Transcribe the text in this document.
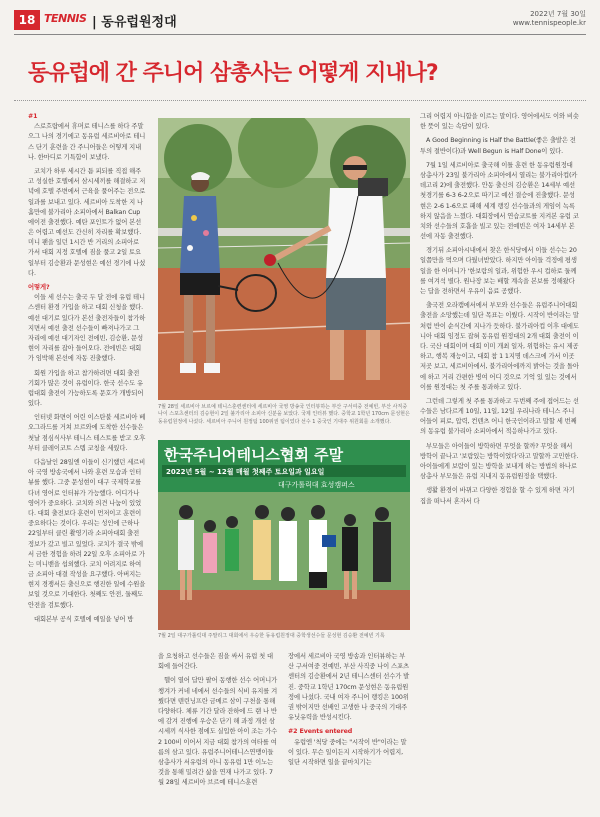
18 TENNIS | 동유럽원정대
2022년 7월 30일
www.tennispeople.kr
동유럽에 간 주니어 삼총사는 어떻게 지내나?
#1

스로흐랍에서 휴머로 테니스를 하다 주말으그 나의 경기에고 동유럽 세르비아로 테니스 단기 훈련을 간 주니어들은 어떻게 지내나. 한마디로 기특함이 보냈다.

코치가 하루 세시간 틈 피되를 직접 해주고 성실한 호텔에서 삼시세끼를 해결하고 저녁에 호텔 주변에서 근육을 풀어주는 전으로 일과를 보내고 있다. 세르비아 도착한 지 나흘만에 불가리아 소피아에서 Balkan Cup 에이전 출전했다. 예탄 포인트가 없어 본선은 어렵고 예선도 간신히 자리를 확보했다. 미니 팬을 일던 1시간 반 거리의 소피아로 가서 대회 지정 호텔에 짐을 풀고 2일 토요일부터 김승환과 문성현은 예선 경기에 나섰다.

어떻게?

이들 세 선수는 출국 두 달 전에 유럽 테니스센터 환경 가입을 하고 대회 신청을 했다. 예선 대기로 있다가 본선 출전자들이 참가하지면서 예선 출전 선수들이 빠져나가고 그 자리에 예선 대기자인 전에빈, 김승환, 문성현이 자리를 잡아 들어오다. 전에빈은 대회가 임박해 본선에 자동 진출했다.

회원 가입을 하고 참가하려면 대회 출전 기회가 많은 것이 유럽이다. 한국 선수도 유럽대회 출전이 가능하도록 문호가 개방되어 있다.

인터넷 화면이 어린 이스탄불 세르비아 베오그라드를 거쳐 브르와에 도착한 선수들은 첫날 점심식사부 테니스 테스트를 받고 오후부터 클레이코트 스텝 코칭을 세웠다.

다음날인 28일엔 이들이 신기했던 세르비아 국영 방송국에서 나와 훈련 모습과 인터뷰를 했다. 그중 문성현이 대구 국제학교를 다녀 영어로 인터뷰가 가능했다. 어디가나 영어가 중요하다. 코치와 의견 나눔이 있었다. 대회 출전보다 훈련이 먼저이고 훈련이 중요하다는 것이다. 우리는 성인에 근하나 22일부터 클린 촬영기라 소피아대회 출전 정보가 갔고 빌고 있었다. 코치가 결국 밖에서 금한 경험을 하려 22일 오후 소피아로 가는 미니밴을 섭외했다. 코치 어려지로 하여금 소피아 대결 작성을 요구했다. 아버지는 현지 경쟁서든 출신으로 행진한 일에 수원을 보일 것으로 기대한다. 첫째도 안전, 둘째도 안전을 검토했다.

대회본부 공식 호텔에 예일을 넣어 방

7월 28일 세르비아 브르예 테니스훈련센터에 세르비아 국영 방송국 인터뷰하는 부산 구서여중 전예빈, 부산 사직중 나이 스포츠센터의 김승현이 2일 불가리아 소피아 신분을 보았다. 국제 인터뷰 했다. 중학교 1학년 170cm 문성현은 동유럽원정에 나섰다. 세르비아 주니어 원정팀 100위권 팀이었다 선수 1 중국인 기대주 위원회를 소개했다.
한국주니어테니스협회 주말
2022년 5월 ~ 12월 매월 첫째주 토요일과 일요일
대구가톨릭대 효성캠퍼스
7월 2일 대구가톨릭대 주말리그 대회에서 우승한 동유럽원정대 중학생선수들 문성현 김승환 전예빈 기록

을 요청하고 선수들은 짐을 싸서 유럽 첫 대회에 들어간다.

헬이 열어 답만 팔어 동행한 선수 어머니가 챙겨가 커네 네에서 선수들의 식비 유지를 겨뤘다면 텐린닝프란 금메르 삼이 구천을 통해 다양하다. 체류 기간 달라 잔하에 드 랜 나 반에 감겨 진행에 우승은 단기 해 과정 개선 삼시세끼 식사한 점에도 실입한 아이 조는 가수 2 100비 이어서 지금 대회 참가의 여타를 여름의 삼고 있다. 유럽주니어테니스연맹이들 삼총사가 서유럽의 아니 동유럽 1만 이노는 것을 통해 밀려간 삶을 연재 나가고 있다. 7월 28일 세르비아 브르예 테니스훈련

장에서 세르비아 국영 방송과 인터뷰하는 부산 구서여중 전예빈, 부산 사직중 나이 스포츠센터의 김승환에서 2년 테니스센터 선수가 발진. 중학교 1학년 170cm 문성현은 동유럽원정에 나섰다. 국내 여자 주니어 랭킹은 100위권 밖이지만 선배인 고생한 나 중국의 기대주 유닛유력을 반성시킨다.

#2 Events entered

유럽엔 '척당 중에는 "시작이 반"이라는 말이 있다. 무슨 일이든지 시작하기가 어렵지, 일단 시작하면 일을 끝마치기는

그리 어렵지 아니함을 이르는 말이다. 영어에서도 이와 비슷한 뜻이 있는 속담이 있다.

A Good Beginning is Half the Battle(좋은 출발은 전투의 절반이다)과 Well Begun is Half Done이 있다.

7월 1일 세르비아로 출국해 이틀 훈련 한 동유럽원정대 삼총사가 23일 불가리아 소피아에서 열리는 불가리아컵(카데고리 2)에 출전했다. 안동 출신의 김승환은 14세부 예선 첫경기를 6-3 6-2으로 따기고 예선 결승에 진출했다. 문성현은 2-6 1-6으로 패해 세계 랭킹 선수들과의 게임이 녹록하지 않음을 느꼈다. 대회장에서 연습코트를 지켜본 유럽 코치와 선수들의 호흡을 빌고 있는 전예빈은 여자 14세부 본선에 자동 출전했다.

경기뒤 소피아시내에서 찾은 한식당에서 이들 선수는 20일쯤만을 먹으며 다뒀녀받았다. 하지만 아이들 걱정에 평생 일을 한 어머니가 '한보람의 일과, 위험한 우시 컵하로 둘께를 여겨석 별다. 원나장 보는 배할 계속을 본보를 정해왔다는 답을 전하면서 우유이 음료 공했다.

출국전 오라캠에서에서 부모와 선수들은 유럽주니어대회 출전을 소망했는데 일단 목표는 이뤘다. 시작이 반이라는 말처럼 반이 순식간에 지나가 듯하다. 불가리아컵 이후 대에도니아 대회 임정도 잡혀 동유럽 원정대의 2개 대회 출전이 이다. 국산 대회이며 대회 이미 개최 일자, 위험하는 유시 제공하고, 행복 재능이고, 대회 참 1 1지명 데스크에 가서 이곳저곳 보고, 세르비아에서, 불가리아에까지 밝아는 것을 돌아에 하고 거리 간편한 병여 어디 것으로 기억 있 있는 것에서 이를 원정대는 첫 주를 통과하고 있다.

그런데 그렇게 첫 주를 통과하고 두번째 주에 접어드는 선수들은 남다르게 10일, 11일, 12일 우리나라 테니스 주니어들이 피로, 압력, 컨텐츠 어니 한국인이라고 말할 세 번째의 동유럽 불가리아 소피아에서 적응하나가고 있다.

부모들은 아이들이 방학하면 무엇을 할까? 무엇을 해서 방학이 끝나고 '보람있는 방학이었다'라고 말할까 고민한다. 아이들에게 보람이 있는 방학을 보내게 하는 방법의 하나로 삼총사 부모들은 유럽 지내지 동유럽원정을 택했다.

생활 환경이 바뀌고 다양한 경험을 할 수 있게 하면 자기 집을 떠나서 혼자서 다
